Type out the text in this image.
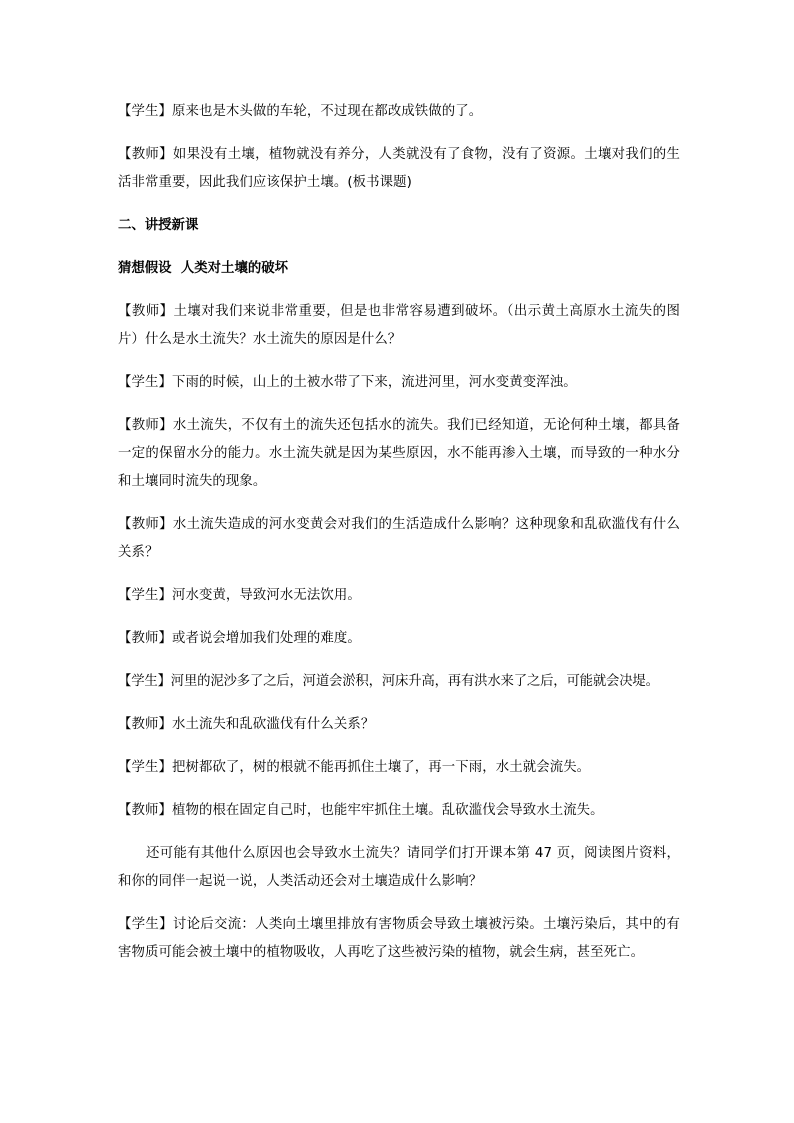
【学生】原来也是木头做的车轮，不过现在都改成铁做的了。

【教师】如果没有土壤，植物就没有养分，人类就没有了食物，没有了资源。土壤对我们的生活非常重要，因此我们应该保护土壤。(板书课题)

二、讲授新课

猜想假设  人类对土壤的破坏

【教师】土壤对我们来说非常重要，但是也非常容易遭到破坏。（出示黄土高原水土流失的图片）什么是水土流失？水土流失的原因是什么？

【学生】下雨的时候，山上的土被水带了下来，流进河里，河水变黄变浑浊。

【教师】水土流失，不仅有土的流失还包括水的流失。我们已经知道，无论何种土壤，都具备一定的保留水分的能力。水土流失就是因为某些原因，水不能再渗入土壤，而导致的一种水分和土壤同时流失的现象。

【教师】水土流失造成的河水变黄会对我们的生活造成什么影响？这种现象和乱砍滥伐有什么关系？

【学生】河水变黄，导致河水无法饮用。

【教师】或者说会增加我们处理的难度。

【学生】河里的泥沙多了之后，河道会淤积，河床升高，再有洪水来了之后，可能就会决堤。

【教师】水土流失和乱砍滥伐有什么关系？

【学生】把树都砍了，树的根就不能再抓住土壤了，再一下雨，水土就会流失。

【教师】植物的根在固定自己时，也能牢牢抓住土壤。乱砍滥伐会导致水土流失。

还可能有其他什么原因也会导致水土流失？请同学们打开课本第 47 页，阅读图片资料，和你的同伴一起说一说，人类活动还会对土壤造成什么影响？

【学生】讨论后交流：人类向土壤里排放有害物质会导致土壤被污染。土壤污染后，其中的有害物质可能会被土壤中的植物吸收，人再吃了这些被污染的植物，就会生病，甚至死亡。
